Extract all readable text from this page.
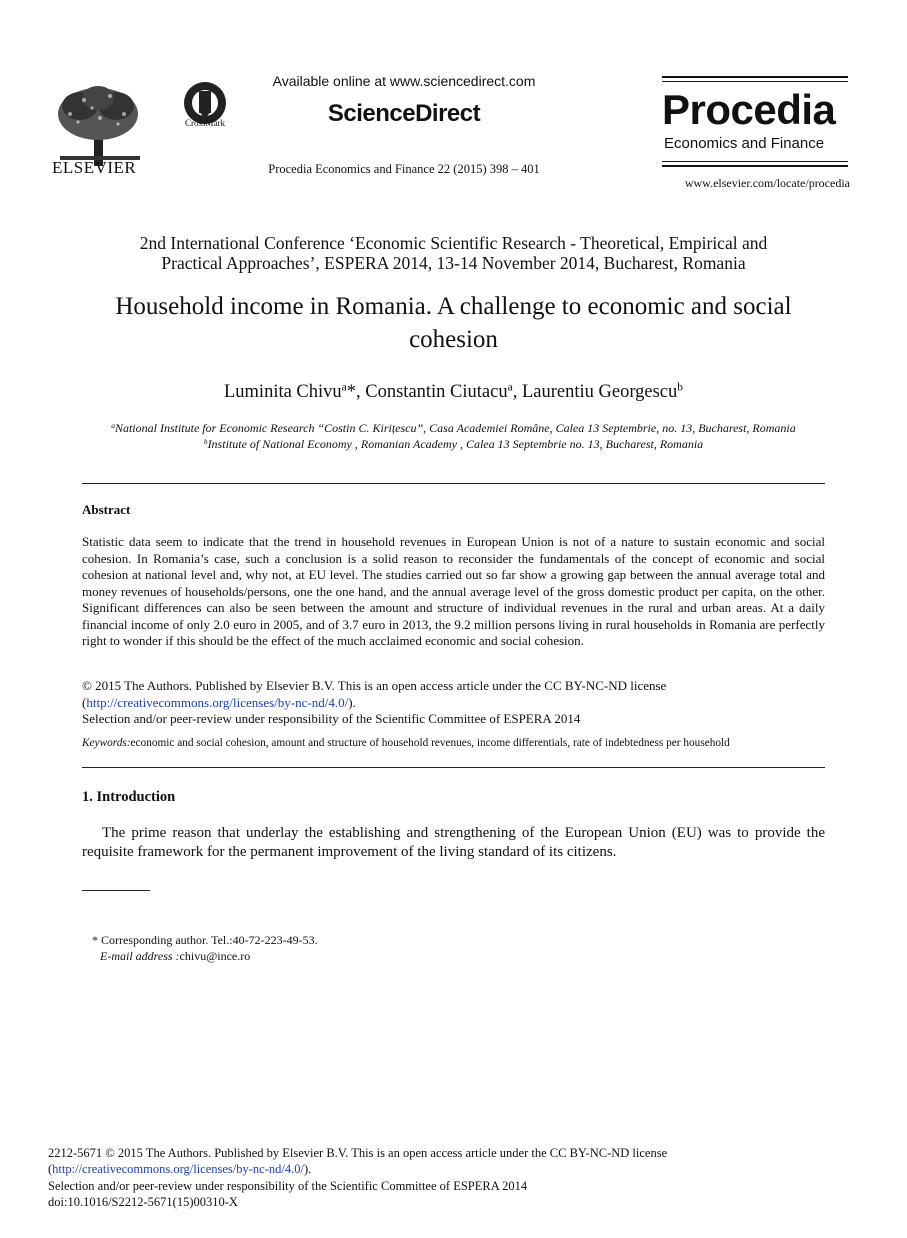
ELSEVIER
CrossMark
Available online at www.sciencedirect.com
ScienceDirect
Procedia Economics and Finance 22 (2015) 398 – 401
Procedia
Economics and Finance
www.elsevier.com/locate/procedia
2nd International Conference ‘Economic Scientific Research - Theoretical, Empirical and
Practical Approaches’, ESPERA 2014, 13-14 November 2014, Bucharest, Romania
Household income in Romania. A challenge to economic and social
cohesion
Luminita Chivu$^a$*, Constantin Ciutacu$^a$, Laurentiu Georgescu$^b$
$^a$National Institute for Economic Research “Costin C. Kirițescu”, Casa Academiei Române, Calea 13 Septembrie, no. 13, Bucharest, Romania
$^b$Institute of National Economy , Romanian Academy , Calea 13 Septembrie no. 13, Bucharest, Romania
Abstract
Statistic data seem to indicate that the trend in household revenues in European Union is not of a nature to sustain economic and social cohesion. In Romania’s case, such a conclusion is a solid reason to reconsider the fundamentals of the concept of economic and social cohesion at national level and, why not, at EU level. The studies carried out so far show a growing gap between the annual average total and money revenues of households/persons, one the one hand, and the annual average level of the gross domestic product per capita, on the other. Significant differences can also be seen between the amount and structure of individual revenues in the rural and urban areas. At a daily financial income of only 2.0 euro in 2005, and of 3.7 euro in 2013, the 9.2 million persons living in rural households in Romania are perfectly right to wonder if this should be the effect of the much acclaimed economic and social cohesion.
© 2015 The Authors. Published by Elsevier B.V. This is an open access article under the CC BY-NC-ND license
(http://creativecommons.org/licenses/by-nc-nd/4.0/).
Selection and/or peer-review under responsibility of the Scientific Committee of ESPERA 2014
Keywords:economic and social cohesion, amount and structure of household revenues, income differentials, rate of indebtedness per household
1. Introduction
The prime reason that underlay the establishing and strengthening of the European Union (EU) was to provide the requisite framework for the permanent improvement of the living standard of its citizens.
* Corresponding author. Tel.:40-72-223-49-53.
E-mail address :chivu@ince.ro
2212-5671 © 2015 The Authors. Published by Elsevier B.V. This is an open access article under the CC BY-NC-ND license
(http://creativecommons.org/licenses/by-nc-nd/4.0/).
Selection and/or peer-review under responsibility of the Scientific Committee of ESPERA 2014
doi:10.1016/S2212-5671(15)00310-X
